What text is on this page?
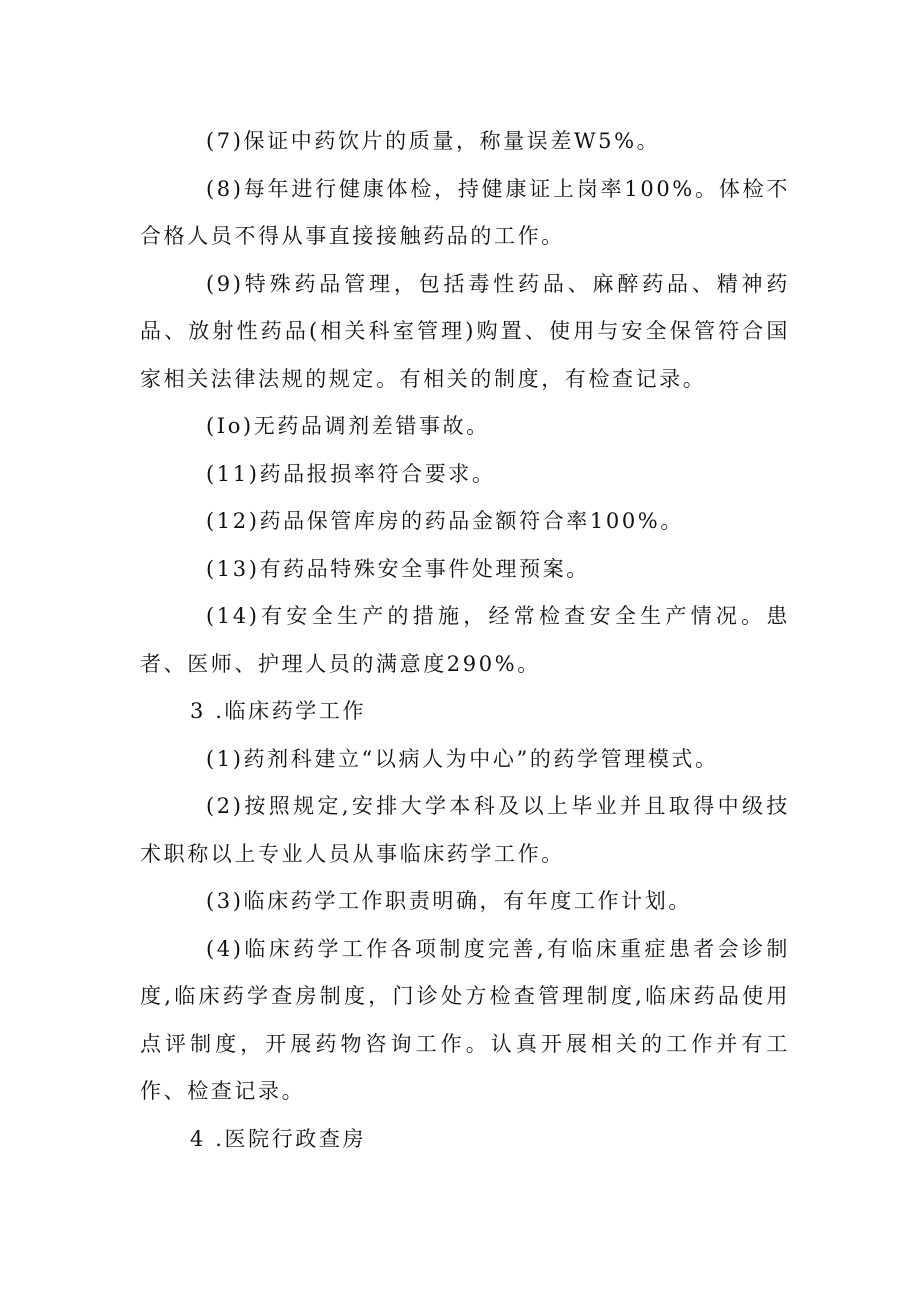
(7)保证中药饮片的质量，称量误差W5%。

(8)每年进行健康体检，持健康证上岗率100%。体检不合格人员不得从事直接接触药品的工作。

(9)特殊药品管理，包括毒性药品、麻醉药品、精神药品、放射性药品(相关科室管理)购置、使用与安全保管符合国家相关法律法规的规定。有相关的制度，有检查记录。

(Io)无药品调剂差错事故。

(11)药品报损率符合要求。

(12)药品保管库房的药品金额符合率100%。

(13)有药品特殊安全事件处理预案。

(14)有安全生产的措施，经常检查安全生产情况。患者、医师、护理人员的满意度290%。

3 .临床药学工作

(1)药剂科建立“以病人为中心”的药学管理模式。

(2)按照规定,安排大学本科及以上毕业并且取得中级技术职称以上专业人员从事临床药学工作。

(3)临床药学工作职责明确，有年度工作计划。

(4)临床药学工作各项制度完善,有临床重症患者会诊制度,临床药学查房制度，门诊处方检查管理制度,临床药品使用点评制度，开展药物咨询工作。认真开展相关的工作并有工作、检查记录。

4 .医院行政查房
